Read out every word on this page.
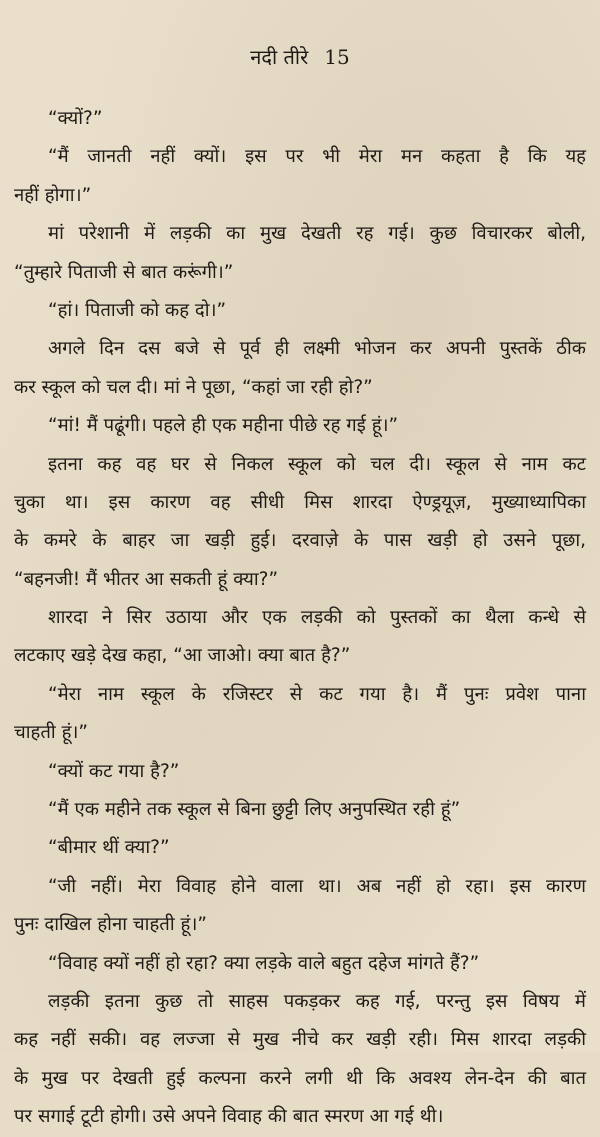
नदी तीरे 15
“क्यों?”
“मैं जानती नहीं क्यों। इस पर भी मेरा मन कहता है कि यह
नहीं होगा।”
मां परेशानी में लड़की का मुख देखती रह गई। कुछ विचारकर बोली,
“तुम्हारे पिताजी से बात करूंगी।”
“हां। पिताजी को कह दो।”
अगले दिन दस बजे से पूर्व ही लक्ष्मी भोजन कर अपनी पुस्तकें ठीक
कर स्कूल को चल दी। मां ने पूछा, “कहां जा रही हो?”
“मां! मैं पढूंगी। पहले ही एक महीना पीछे रह गई हूं।”
इतना कह वह घर से निकल स्कूल को चल दी। स्कूल से नाम कट
चुका था। इस कारण वह सीधी मिस शारदा ऐण्ड्रयूज़, मुख्याध्यापिका
के कमरे के बाहर जा खड़ी हुई। दरवाज़े के पास खड़ी हो उसने पूछा,
“बहनजी! मैं भीतर आ सकती हूं क्या?”
शारदा ने सिर उठाया और एक लड़की को पुस्तकों का थैला कन्धे से
लटकाए खड़े देख कहा, “आ जाओ। क्या बात है?”
“मेरा नाम स्कूल के रजिस्टर से कट गया है। मैं पुनः प्रवेश पाना
चाहती हूं।”
“क्यों कट गया है?”
“मैं एक महीने तक स्कूल से बिना छुट्टी लिए अनुपस्थित रही हूं”
“बीमार थीं क्या?”
“जी नहीं। मेरा विवाह होने वाला था। अब नहीं हो रहा। इस कारण
पुनः दाखिल होना चाहती हूं।”
“विवाह क्यों नहीं हो रहा? क्या लड़के वाले बहुत दहेज मांगते हैं?”
लड़की इतना कुछ तो साहस पकड़कर कह गई, परन्तु इस विषय में
कह नहीं सकी। वह लज्जा से मुख नीचे कर खड़ी रही। मिस शारदा लड़की
के मुख पर देखती हुई कल्पना करने लगी थी कि अवश्य लेन-देन की बात
पर सगाई टूटी होगी। उसे अपने विवाह की बात स्मरण आ गई थी।
